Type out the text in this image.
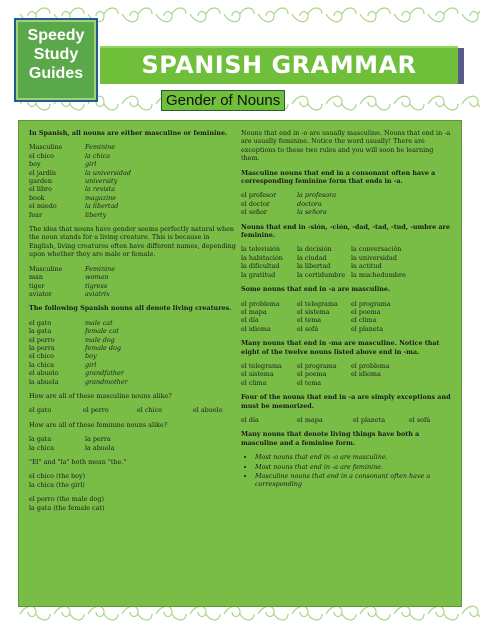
Speedy
Study
Guides	SPANISH GRAMMAR
Gender of Nouns

In Spanish, all nouns are either masculine or feminine.

Masculine	Feminine
el chico	la chica
boy	girl
el jardín	la universidad
garden	university
el libro	la revista
book	magazine
el miedo	la libertad
fear	liberty

The idea that nouns have gender seems perfectly natural when the noun stands for a living creature. This is because in English, living creatures often have different names, depending upon whether they are male or female.

Masculine	Feminine
man	woman
tiger	tigress
aviator	aviatrix

The following Spanish nouns all denote living creatures.

el gato	male cat
la gata	female cat
el perro	male dog
la perra	female dog
el chico	boy
la chica	girl
el abuelo	grandfather
la abuela	grandmother

How are all of these masculine nouns alike?

el gato	el perro	el chico	el abuelo

How are all of these feminine nouns alike?

la gata	la perra
la chica	la abuela

"El" and "la" both mean "the."

el chico (the boy)
la chica (the girl)
el perro (the male dog)
la gata (the female cat)

Nouns that end in -o are usually masculine. Nouns that end in -a are usually feminine. Notice the word usually! There are exceptions to these two rules and you will soon be learning them.

Masculine nouns that end in a consonant often have a corresponding feminine form that ends in -a.

el profesor	la profesora
el doctor	doctora
el señor	la señora

Nouns that end in -sión, -ción, -dad, -tad, -tud, -umbre are feminine.

la televisión	la decisión	la conversación
la habitación	la ciudad	la universidad
la dificultad	la libertad	la actitud
la gratitud	la certidumbre la muchedumbre

Some nouns that end in -a are masculine.

el problema	el telegrama	el programa
el mapa	el sistema	el poema
el día	el tema	el clima
el idioma	el sofá	el planeta

Many nouns that end in -ma are masculine. Notice that eight of the twelve nouns listed above end in -ma.

el telegrama	el programa	el problema
el sistema	el poema	el idioma
el clima	el tema

Four of the nouns that end in -a are simply exceptions and must be memorized.

el día	el mapa	el planeta	el sofá

Many nouns that denote living things have both a masculine and a feminine form.

• Most nouns that end in -o are masculine.
• Most nouns that end in -a are feminine.
• Masculine nouns that end in a consonant often have a corresponding
